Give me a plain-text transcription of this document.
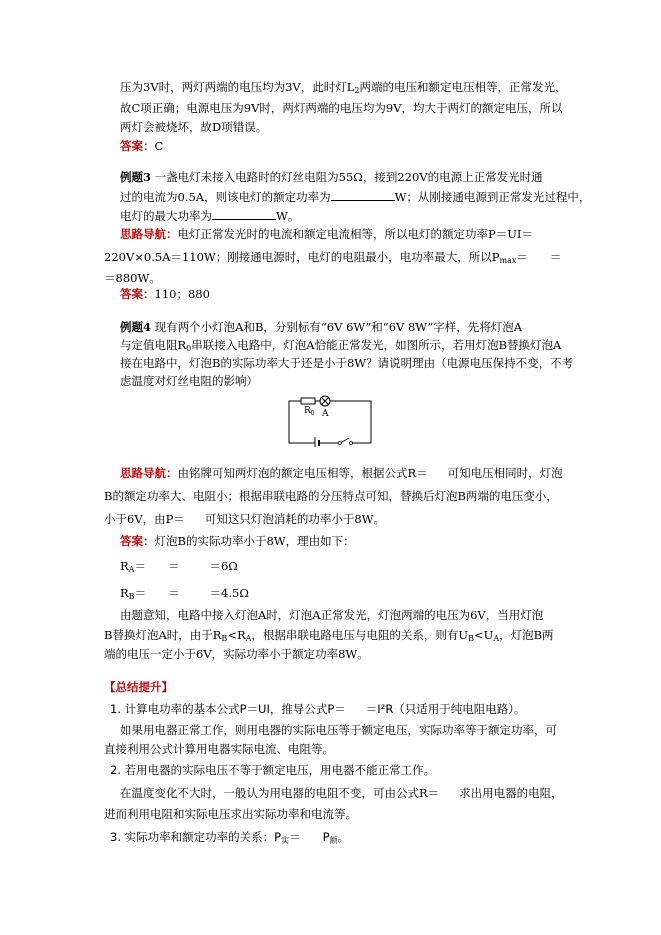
压为3V时，两灯两端的电压均为3V，此时灯$L_2$两端的电压和额定电压相等，正常发光，
故C项正确；电源电压为9V时，两灯两端的电压均为9V，均大于两灯的额定电压，所以
两灯会被烧坏，故D项错误。
答案：C
例题3 一盏电灯未接入电路时的灯丝电阻为55Ω，接到220V的电源上正常发光时通
过的电流为0.5A，则该电灯的额定功率为	W；从刚接通电源到正常发光过程中，
电灯的最大功率为	W。
思路导航：电灯正常发光时的电流和额定电流相等，所以电灯的额定功率P＝UI＝
220V×0.5A＝110W；刚接通电源时，电灯的电阻最小，电功率最大，所以$P_{max}=$ ＝
＝880W。
答案：110；880
例题4 现有两个小灯泡A和B，分别标有“6V 6W”和“6V 8W”字样，先将灯泡A
与定值电阻$R_0$串联接入电路中，灯泡A恰能正常发光，如图所示，若用灯泡B替换灯泡A
接在电路中，灯泡B的实际功率大于还是小于8W？请说明理由（电源电压保持不变，不考
虑温度对灯丝电阻的影响）
$R_0$ A
思路导航：由铭牌可知两灯泡的额定电压相等，根据公式R＝ 可知电压相同时，灯泡
B的额定功率大、电阻小；根据串联电路的分压特点可知，替换后灯泡B两端的电压变小，
小于6V，由P＝ 可知这只灯泡消耗的功率小于8W。
答案：灯泡B的实际功率小于8W，理由如下：
$R_A=$ ＝	＝6Ω
$R_B=$ ＝	＝4.5Ω
由题意知，电路中接入灯泡A时，灯泡A正常发光，灯泡两端的电压为6V，当用灯泡
B替换灯泡A时，由于$R_B<R_A$，根据串联电路电压与电阻的关系，则有$U_B<U_A$，灯泡B两
端的电压一定小于6V，实际功率小于额定功率8W。
【总结提升】
1. 计算电功率的基本公式P＝UI，推导公式P＝ ＝I²R（只适用于纯电阻电路）。
如果用电器正常工作，则用电器的实际电压等于额定电压，实际功率等于额定功率，可
直接利用公式计算用电器实际电流、电阻等。
2. 若用电器的实际电压不等于额定电压，用电器不能正常工作。
在温度变化不大时，一般认为用电器的电阻不变，可由公式R＝ 求出用电器的电阻，
进而利用电阻和实际电压求出实际功率和电流等。
3. 实际功率和额定功率的关系：$P_实= P_额$。
